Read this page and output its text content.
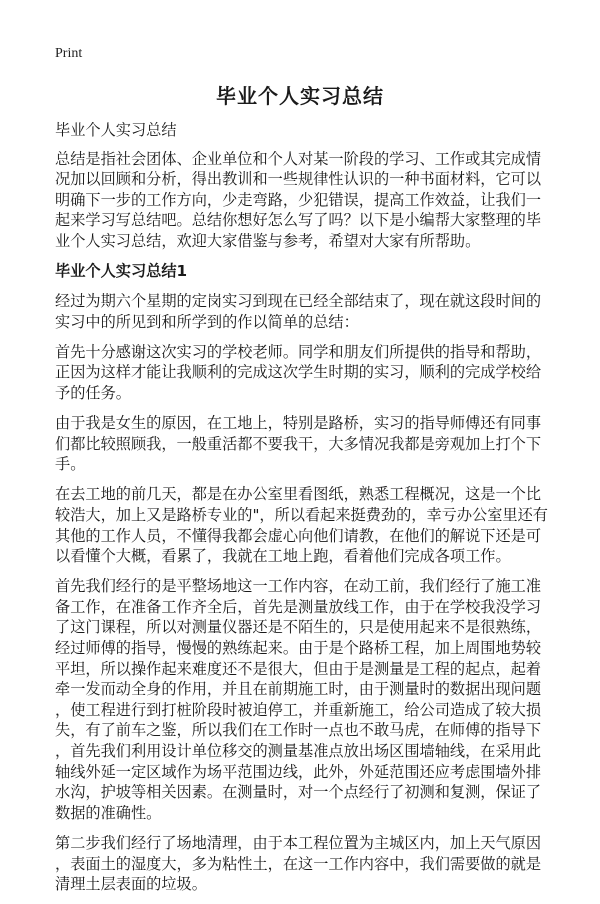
Print
毕业个人实习总结

毕业个人实习总结

总结是指社会团体、企业单位和个人对某一阶段的学习、工作或其完成情况加以回顾和分析，得出教训和一些规律性认识的一种书面材料，它可以明确下一步的工作方向，少走弯路，少犯错误，提高工作效益，让我们一起来学习写总结吧。总结你想好怎么写了吗？以下是小编帮大家整理的毕业个人实习总结，欢迎大家借鉴与参考，希望对大家有所帮助。

毕业个人实习总结1

经过为期六个星期的定岗实习到现在已经全部结束了，现在就这段时间的实习中的所见到和所学到的作以简单的总结：

首先十分感谢这次实习的学校老师。同学和朋友们所提供的指导和帮助，正因为这样才能让我顺利的完成这次学生时期的实习，顺利的完成学校给予的任务。

由于我是女生的原因，在工地上，特别是路桥，实习的指导师傅还有同事们都比较照顾我，一般重活都不要我干，大多情况我都是旁观加上打个下手。

在去工地的前几天，都是在办公室里看图纸，熟悉工程概况，这是一个比较浩大，加上又是路桥专业的"，所以看起来挺费劲的，幸亏办公室里还有其他的工作人员，不懂得我都会虚心向他们请教，在他们的解说下还是可以看懂个大概，看累了，我就在工地上跑，看着他们完成各项工作。

首先我们经行的是平整场地这一工作内容，在动工前，我们经行了施工准备工作，在准备工作齐全后，首先是测量放线工作，由于在学校我没学习了这门课程，所以对测量仪器还是不陌生的，只是使用起来不是很熟练，经过师傅的指导，慢慢的熟练起来。由于是个路桥工程，加上周围地势较平坦，所以操作起来难度还不是很大，但由于是测量是工程的起点，起着牵一发而动全身的作用，并且在前期施工时，由于测量时的数据出现问题，使工程进行到打桩阶段时被迫停工，并重新施工，给公司造成了较大损失，有了前车之鉴，所以我们在工作时一点也不敢马虎，在师傅的指导下，首先我们利用设计单位移交的测量基准点放出场区围墙轴线，在采用此轴线外延一定区域作为场平范围边线，此外，外延范围还应考虑围墙外排水沟，护坡等相关因素。在测量时，对一个点经行了初测和复测，保证了数据的准确性。

第二步我们经行了场地清理，由于本工程位置为主城区内，加上天气原因，表面土的湿度大，多为粘性土，在这一工作内容中，我们需要做的就是清理土层表面的垃圾。
